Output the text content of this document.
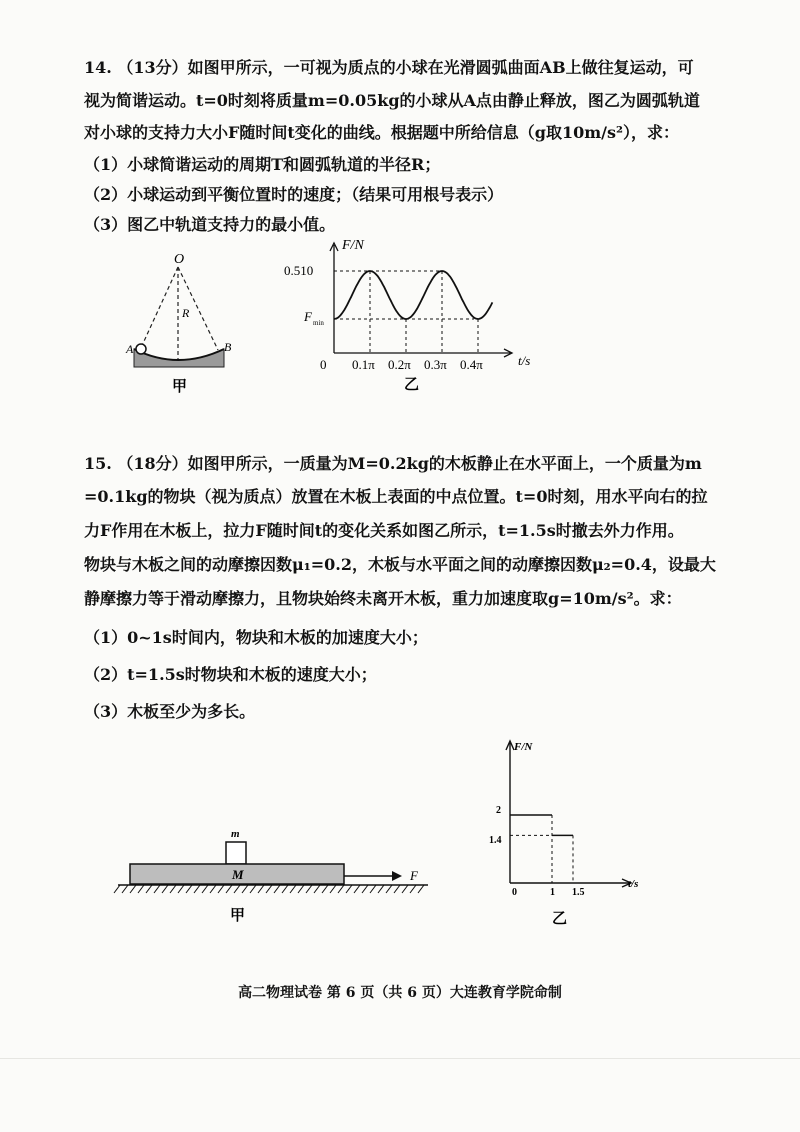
14. （13分）如图甲所示，一可视为质点的小球在光滑圆弧曲面AB上做往复运动，可
视为简谐运动。t=0时刻将质量m=0.05kg的小球从A点由静止释放，图乙为圆弧轨道
对小球的支持力大小F随时间t变化的曲线。根据题中所给信息（g取10m/s²），求：
（1）小球简谐运动的周期T和圆弧轨道的半径R；
（2）小球运动到平衡位置时的速度；（结果可用根号表示）
（3）图乙中轨道支持力的最小值。
O
R
A	B
甲
F/N
0.510
F min
0 0.1π 0.2π 0.3π 0.4π	t/s
乙
15. （18分）如图甲所示，一质量为M=0.2kg的木板静止在水平面上，一个质量为m
=0.1kg的物块（视为质点）放置在木板上表面的中点位置。t=0时刻，用水平向右的拉
力F作用在木板上，拉力F随时间t的变化关系如图乙所示，t=1.5s时撤去外力作用。
物块与木板之间的动摩擦因数μ₁=0.2，木板与水平面之间的动摩擦因数μ₂=0.4，设最大
静摩擦力等于滑动摩擦力，且物块始终未离开木板，重力加速度取g=10m/s²。求：
（1）0~1s时间内，物块和木板的加速度大小；
（2）t=1.5s时物块和木板的速度大小；
（3）木板至少为多长。
m
M	F
甲
F/N
2
1.4
0	1 1.5
t/s
乙
高二物理试卷 第 6 页（共 6 页）大连教育学院命制
